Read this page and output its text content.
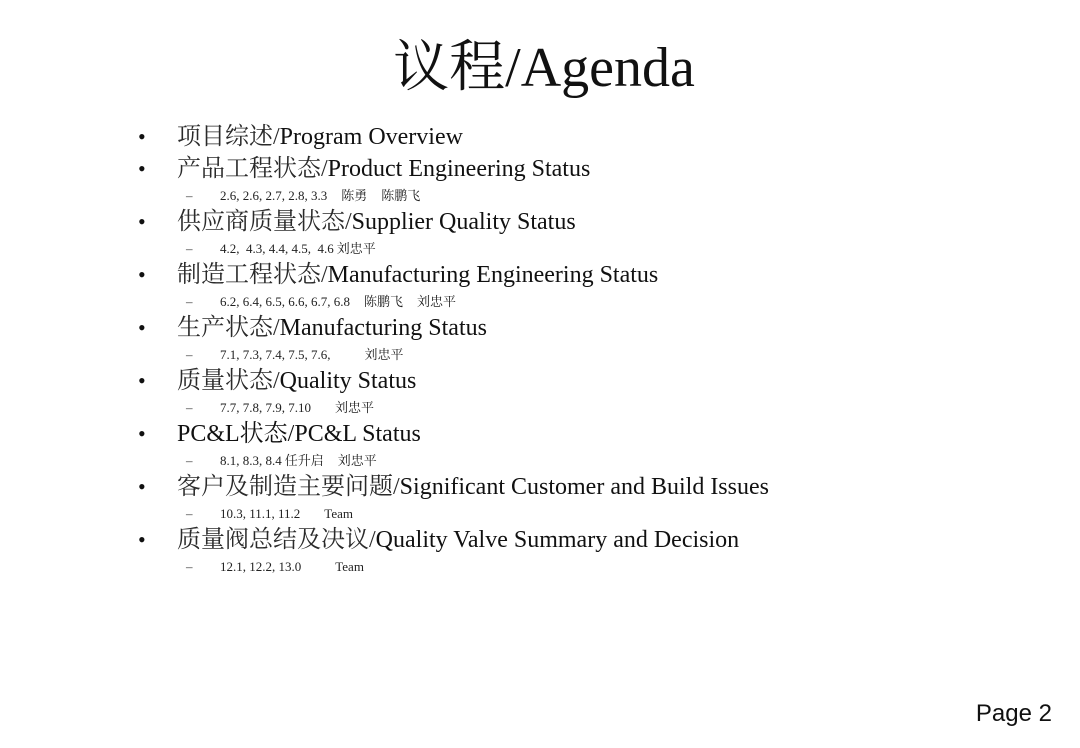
议程/Agenda
• 项目综述/Program Overview
• 产品工程状态/Product Engineering Status
– 2.6, 2.6, 2.7, 2.8, 3.3 陈勇 陈鹏飞
• 供应商质量状态/Supplier Quality Status
– 4.2,  4.3, 4.4, 4.5,  4.6 刘忠平
• 制造工程状态/Manufacturing Engineering Status
– 6.2, 6.4, 6.5, 6.6, 6.7, 6.8 陈鹏飞 刘忠平
• 生产状态/Manufacturing Status
– 7.1, 7.3, 7.4, 7.5, 7.6,	刘忠平
• 质量状态/Quality Status
– 7.7, 7.8, 7.9, 7.10 刘忠平
• PC&L状态/PC&L Status
– 8.1, 8.3, 8.4 任升启 刘忠平
• 客户及制造主要问题/Significant Customer and Build Issues
– 10.3, 11.1, 11.2 Team
• 质量阀总结及决议/Quality Valve Summary and Decision
– 12.1, 12.2, 13.0	Team
Page 2
